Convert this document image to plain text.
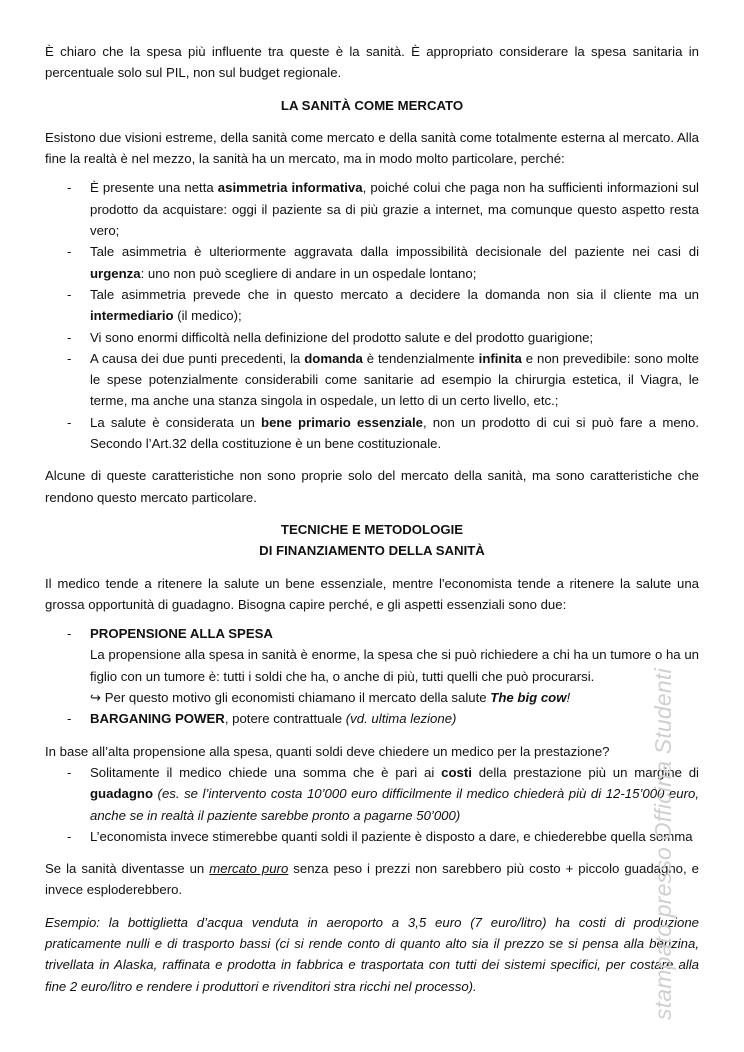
È chiaro che la spesa più influente tra queste è la sanità. È appropriato considerare la spesa sanitaria in percentuale solo sul PIL, non sul budget regionale.

LA SANITÀ COME MERCATO

Esistono due visioni estreme, della sanità come mercato e della sanità come totalmente esterna al mercato. Alla fine la realtà è nel mezzo, la sanità ha un mercato, ma in modo molto particolare, perché:

- È presente una netta asimmetria informativa, poiché colui che paga non ha sufficienti informazioni sul prodotto da acquistare: oggi il paziente sa di più grazie a internet, ma comunque questo aspetto resta vero;
- Tale asimmetria è ulteriormente aggravata dalla impossibilità decisionale del paziente nei casi di urgenza: uno non può scegliere di andare in un ospedale lontano;
- Tale asimmetria prevede che in questo mercato a decidere la domanda non sia il cliente ma un intermediario (il medico);
- Vi sono enormi difficoltà nella definizione del prodotto salute e del prodotto guarigione;
- A causa dei due punti precedenti, la domanda è tendenzialmente infinita e non prevedibile: sono molte le spese potenzialmente considerabili come sanitarie ad esempio la chirurgia estetica, il Viagra, le terme, ma anche una stanza singola in ospedale, un letto di un certo livello, etc.;
- La salute è considerata un bene primario essenziale, non un prodotto di cui si può fare a meno. Secondo l’Art.32 della costituzione è un bene costituzionale.

Alcune di queste caratteristiche non sono proprie solo del mercato della sanità, ma sono caratteristiche che rendono questo mercato particolare.

TECNICHE E METODOLOGIE
DI FINANZIAMENTO DELLA SANITÀ

Il medico tende a ritenere la salute un bene essenziale, mentre l'economista tende a ritenere la salute una grossa opportunità di guadagno. Bisogna capire perché, e gli aspetti essenziali sono due:

- PROPENSIONE ALLA SPESA
La propensione alla spesa in sanità è enorme, la spesa che si può richiedere a chi ha un tumore o ha un figlio con un tumore è: tutti i soldi che ha, o anche di più, tutti quelli che può procurarsi.
↪ Per questo motivo gli economisti chiamano il mercato della salute The big cow!
- BARGANING POWER, potere contrattuale (vd. ultima lezione)

In base all’alta propensione alla spesa, quanti soldi deve chiedere un medico per la prestazione?

- Solitamente il medico chiede una somma che è pari ai costi della prestazione più un margine di guadagno (es. se l’intervento costa 10’000 euro difficilmente il medico chiederà più di 12-15’000 euro, anche se in realtà il paziente sarebbe pronto a pagarne 50’000)
- L’economista invece stimerebbe quanti soldi il paziente è disposto a dare, e chiederebbe quella somma

Se la sanità diventasse un mercato puro senza peso i prezzi non sarebbero più costo + piccolo guadagno, e invece esploderebbero.

Esempio: la bottiglietta d’acqua venduta in aeroporto a 3,5 euro (7 euro/litro) ha costi di produzione praticamente nulli e di trasporto bassi (ci si rende conto di quanto alto sia il prezzo se si pensa alla benzina, trivellata in Alaska, raffinata e prodotta in fabbrica e trasportata con tutti dei sistemi specifici, per costare alla fine 2 euro/litro e rendere i produttori e rivenditori stra ricchi nel processo).	stampato presso Officina Studenti
